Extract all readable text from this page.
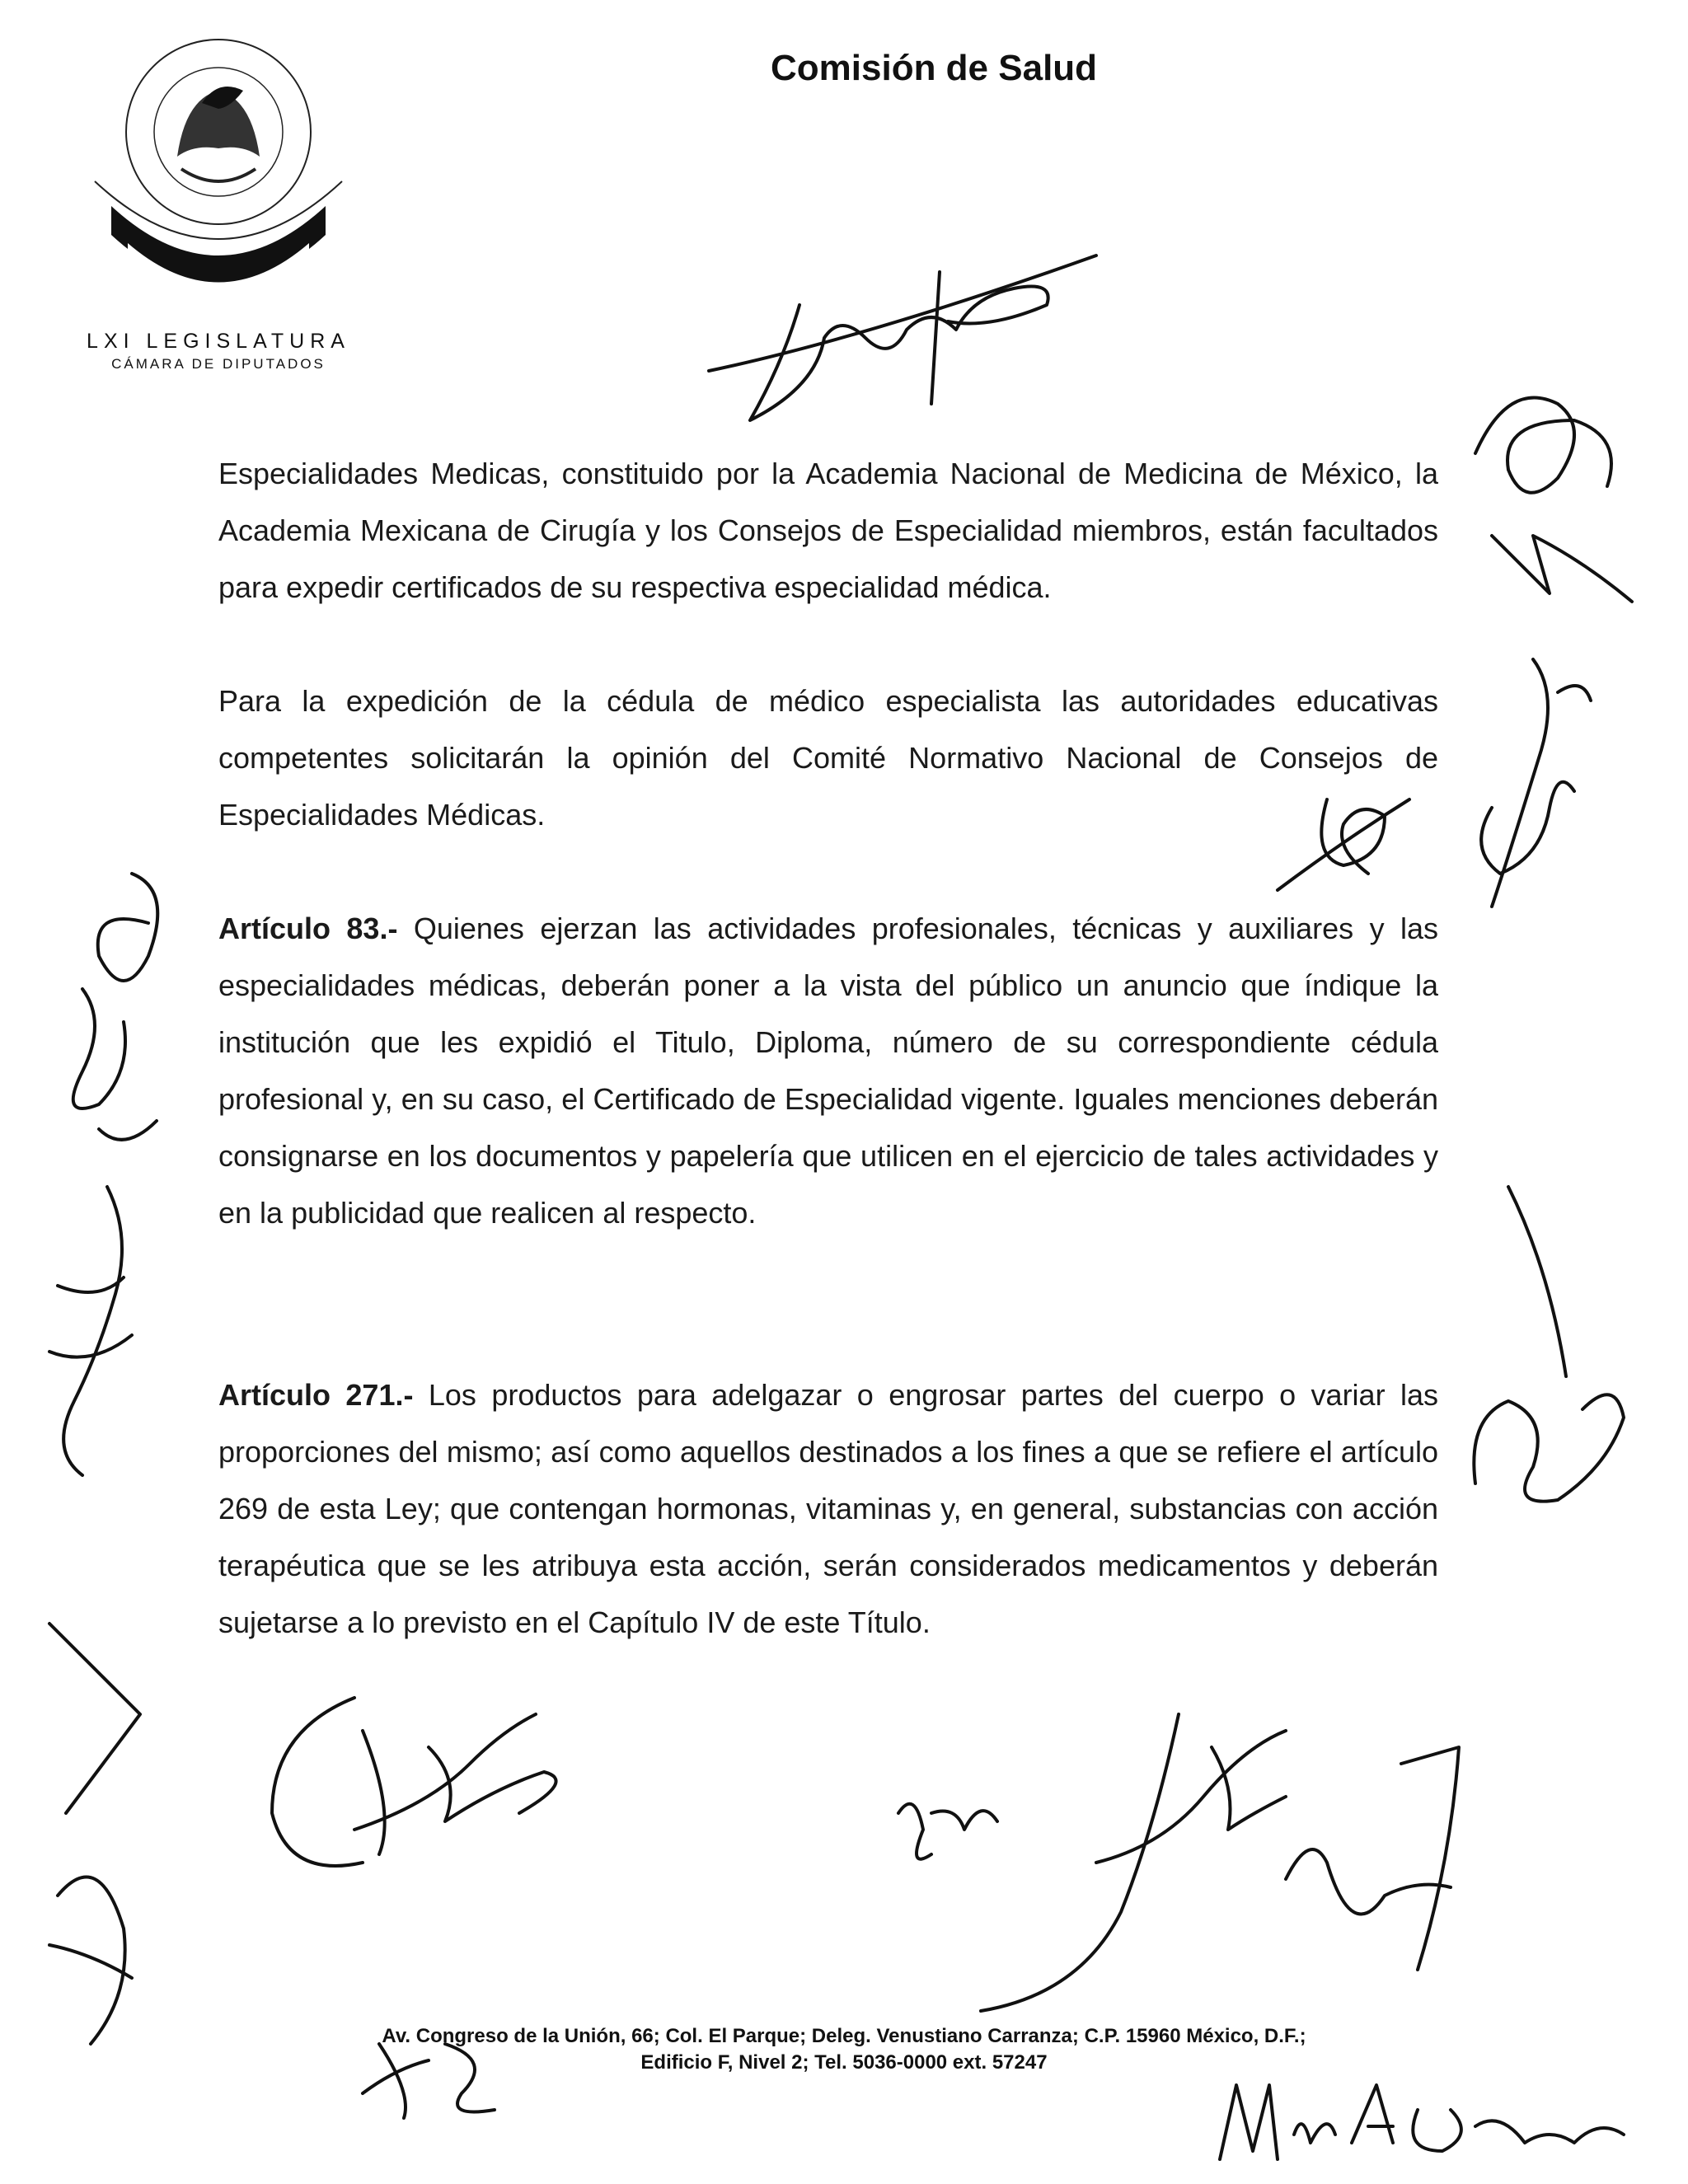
Comisión de Salud
LXI LEGISLATURA
CÁMARA DE DIPUTADOS
Especialidades Medicas, constituido por la Academia Nacional de Medicina de México, la Academia Mexicana de Cirugía y los Consejos de Especialidad miembros, están facultados para expedir certificados de su respectiva especialidad médica.
Para la expedición de la cédula de médico especialista las autoridades educativas competentes solicitarán la opinión del Comité Normativo Nacional de Consejos de Especialidades Médicas.
Artículo 83.- Quienes ejerzan las actividades profesionales, técnicas y auxiliares y las especialidades médicas, deberán poner a la vista del público un anuncio que índique la institución que les expidió el Titulo, Diploma, número de su correspondiente cédula profesional y, en su caso, el Certificado de Especialidad vigente. Iguales menciones deberán consignarse en los documentos y papelería que utilicen en el ejercicio de tales actividades y en la publicidad que realicen al respecto.
Artículo 271.- Los productos para adelgazar o engrosar partes del cuerpo o variar las proporciones del mismo; así como aquellos destinados a los fines a que se refiere el artículo 269 de esta Ley; que contengan hormonas, vitaminas y, en general, substancias con acción terapéutica que se les atribuya esta acción, serán considerados medicamentos y deberán sujetarse a lo previsto en el Capítulo IV de este Título.
Av. Congreso de la Unión, 66; Col. El Parque; Deleg. Venustiano Carranza; C.P. 15960 México, D.F.;
Edificio F, Nivel 2; Tel. 5036-0000 ext. 57247
